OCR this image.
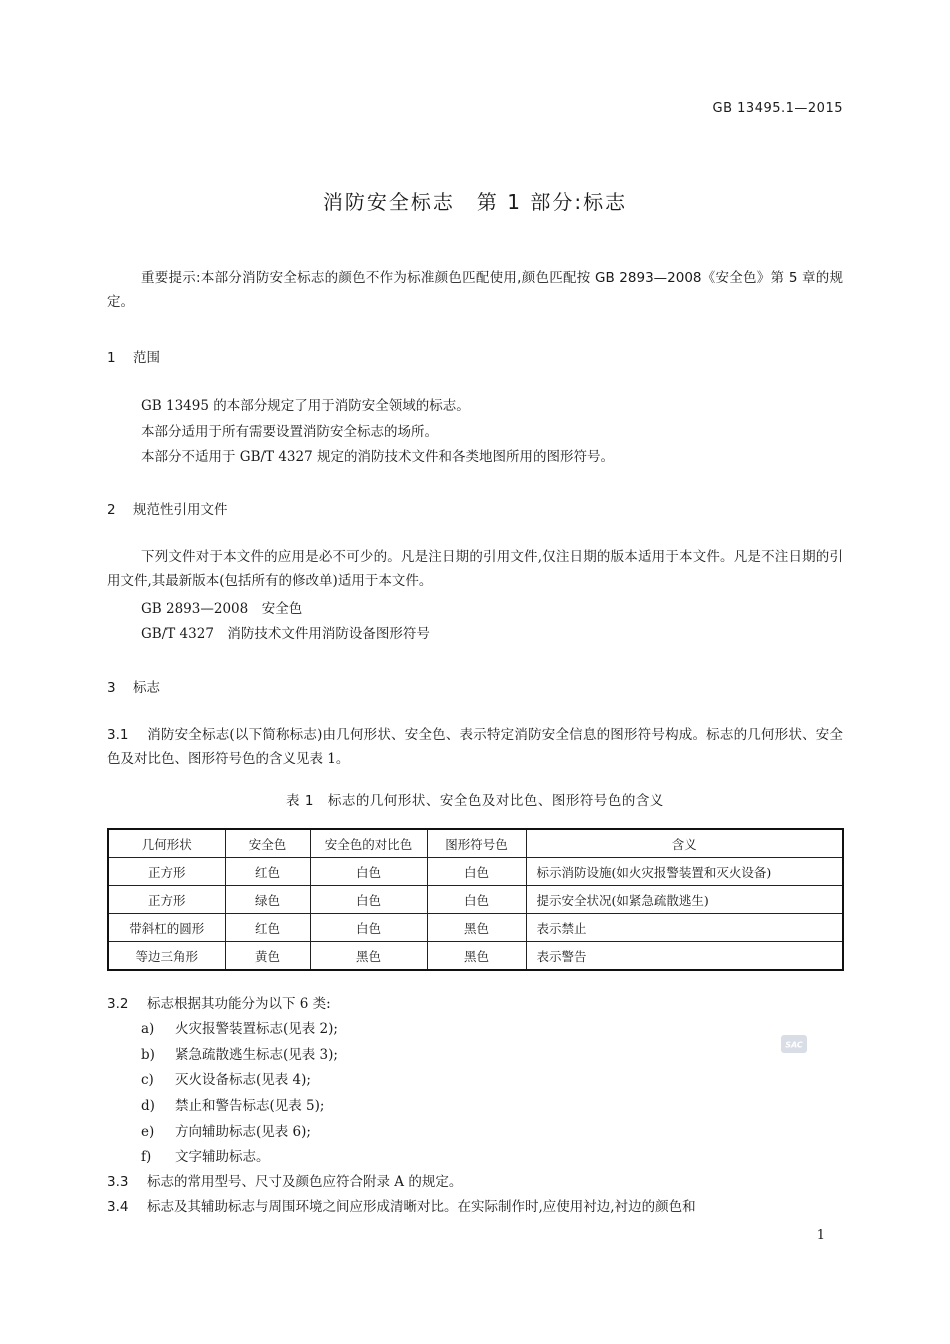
GB 13495.1—2015
消防安全标志　第 1 部分:标志
重要提示:本部分消防安全标志的颜色不作为标准颜色匹配使用,颜色匹配按 GB 2893—2008《安全色》第 5 章的规定。
1 范围
GB 13495 的本部分规定了用于消防安全领域的标志。
本部分适用于所有需要设置消防安全标志的场所。
本部分不适用于 GB/T 4327 规定的消防技术文件和各类地图所用的图形符号。
2 规范性引用文件
下列文件对于本文件的应用是必不可少的。凡是注日期的引用文件,仅注日期的版本适用于本文件。凡是不注日期的引用文件,其最新版本(包括所有的修改单)适用于本文件。
GB 2893—2008　安全色
GB/T 4327　消防技术文件用消防设备图形符号
3 标志
3.1 消防安全标志(以下简称标志)由几何形状、安全色、表示特定消防安全信息的图形符号构成。标志的几何形状、安全色及对比色、图形符号色的含义见表 1。
表 1　标志的几何形状、安全色及对比色、图形符号色的含义
几何形状	安全色	安全色的对比色	图形符号色	含义
正方形	红色	白色	白色	标示消防设施(如火灾报警装置和灭火设备)
正方形	绿色	白色	白色	提示安全状况(如紧急疏散逃生)
带斜杠的圆形	红色	白色	黑色	表示禁止
等边三角形	黄色	黑色	黑色	表示警告
3.2 标志根据其功能分为以下 6 类:
a) 火灾报警装置标志(见表 2);
b) 紧急疏散逃生标志(见表 3);
c) 灭火设备标志(见表 4);
d) 禁止和警告标志(见表 5);
e) 方向辅助标志(见表 6);
f) 文字辅助标志。
3.3 标志的常用型号、尺寸及颜色应符合附录 A 的规定。
3.4 标志及其辅助标志与周围环境之间应形成清晰对比。在实际制作时,应使用衬边,衬边的颜色和
SAC
1
